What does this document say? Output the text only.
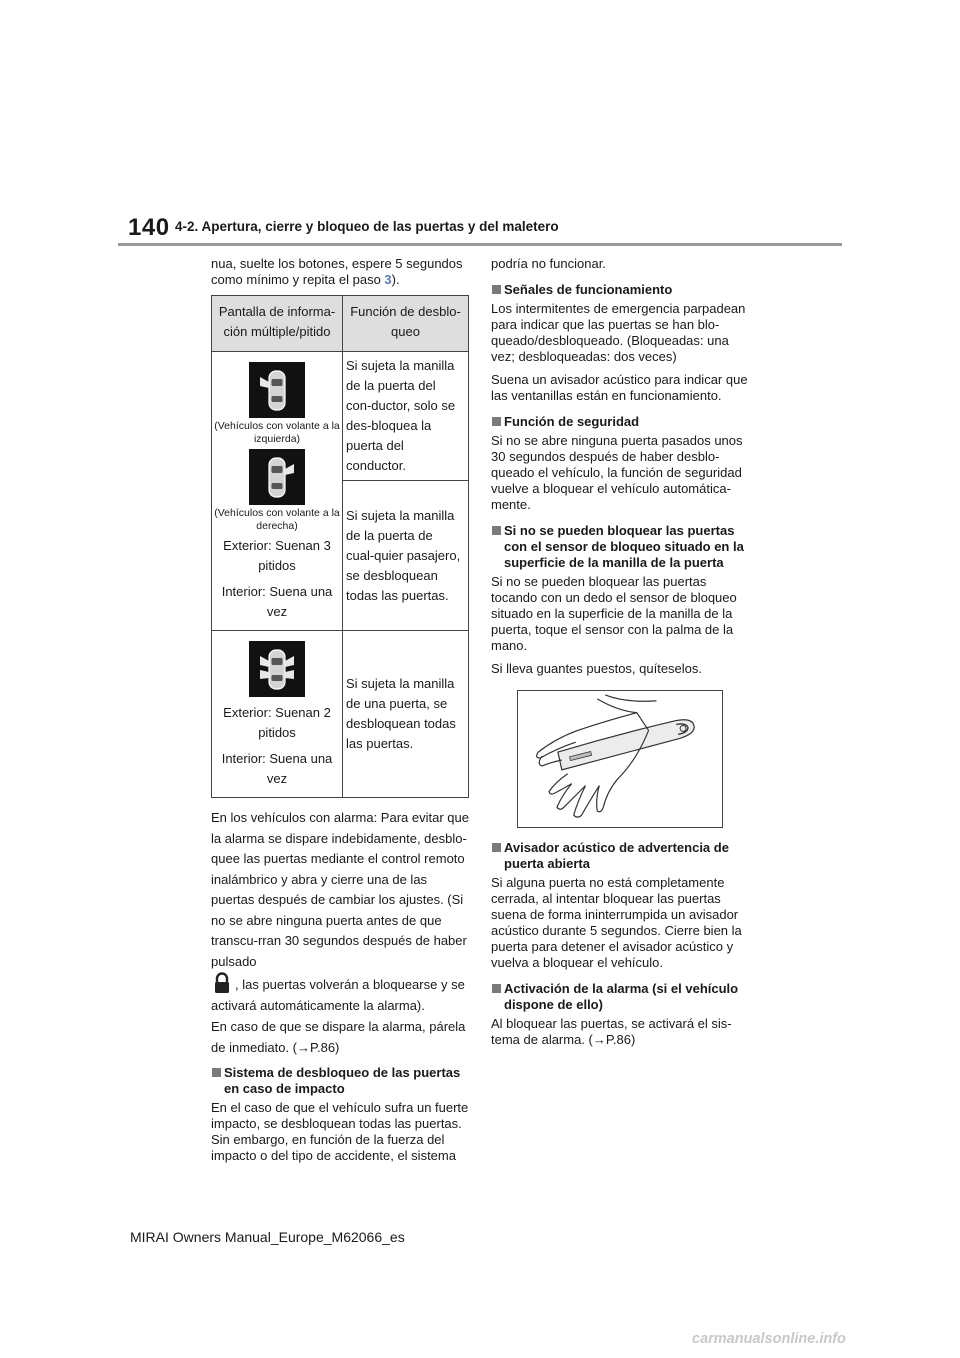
140 4-2. Apertura, cierre y bloqueo de las puertas y del maletero

nua, suelte los botones, espere 5 segundos como mínimo y repita el paso 3).

Pantalla de informa-ción múltiple/pitido	Función de desblo-queo

(Vehículos con volante a la izquierda)
(Vehículos con volante a la derecha)
Exterior: Suenan 3 pitidos
Interior: Suena una vez	Si sujeta la manilla de la puerta del con-ductor, solo se des-bloquea la puerta del conductor.
	Si sujeta la manilla de la puerta de cual-quier pasajero, se desbloquean todas las puertas.

Exterior: Suenan 2 pitidos
Interior: Suena una vez	Si sujeta la manilla de una puerta, se desbloquean todas las puertas.

En los vehículos con alarma: Para evitar que la alarma se dispare indebidamente, desblo-quee las puertas mediante el control remoto inalámbrico y abra y cierre una de las puertas después de cambiar los ajustes. (Si no se abre ninguna puerta antes de que transcu-rran 30 segundos después de haber pulsado
, las puertas volverán a bloquearse y se activará automáticamente la alarma).

En caso de que se dispare la alarma, párela de inmediato. (→P.86)

Sistema de desbloqueo de las puertas en caso de impacto

En el caso de que el vehículo sufra un fuerte impacto, se desbloquean todas las puertas. Sin embargo, en función de la fuerza del impacto o del tipo de accidente, el sistema

podría no funcionar.

Señales de funcionamiento

Los intermitentes de emergencia parpadean para indicar que las puertas se han blo-queado/desbloqueado. (Bloqueadas: una vez; desbloqueadas: dos veces)

Suena un avisador acústico para indicar que las ventanillas están en funcionamiento.

Función de seguridad

Si no se abre ninguna puerta pasados unos 30 segundos después de haber desblo-queado el vehículo, la función de seguridad vuelve a bloquear el vehículo automática-mente.

Si no se pueden bloquear las puertas con el sensor de bloqueo situado en la superficie de la manilla de la puerta

Si no se pueden bloquear las puertas tocando con un dedo el sensor de bloqueo situado en la superficie de la manilla de la puerta, toque el sensor con la palma de la mano.

Si lleva guantes puestos, quíteselos.

Avisador acústico de advertencia de puerta abierta

Si alguna puerta no está completamente cerrada, al intentar bloquear las puertas suena de forma ininterrumpida un avisador acústico durante 5 segundos. Cierre bien la puerta para detener el avisador acústico y vuelva a bloquear el vehículo.

Activación de la alarma (si el vehículo dispone de ello)

Al bloquear las puertas, se activará el sis-tema de alarma. (→P.86)

MIRAI Owners Manual_Europe_M62066_es
carmanualsonline.info
